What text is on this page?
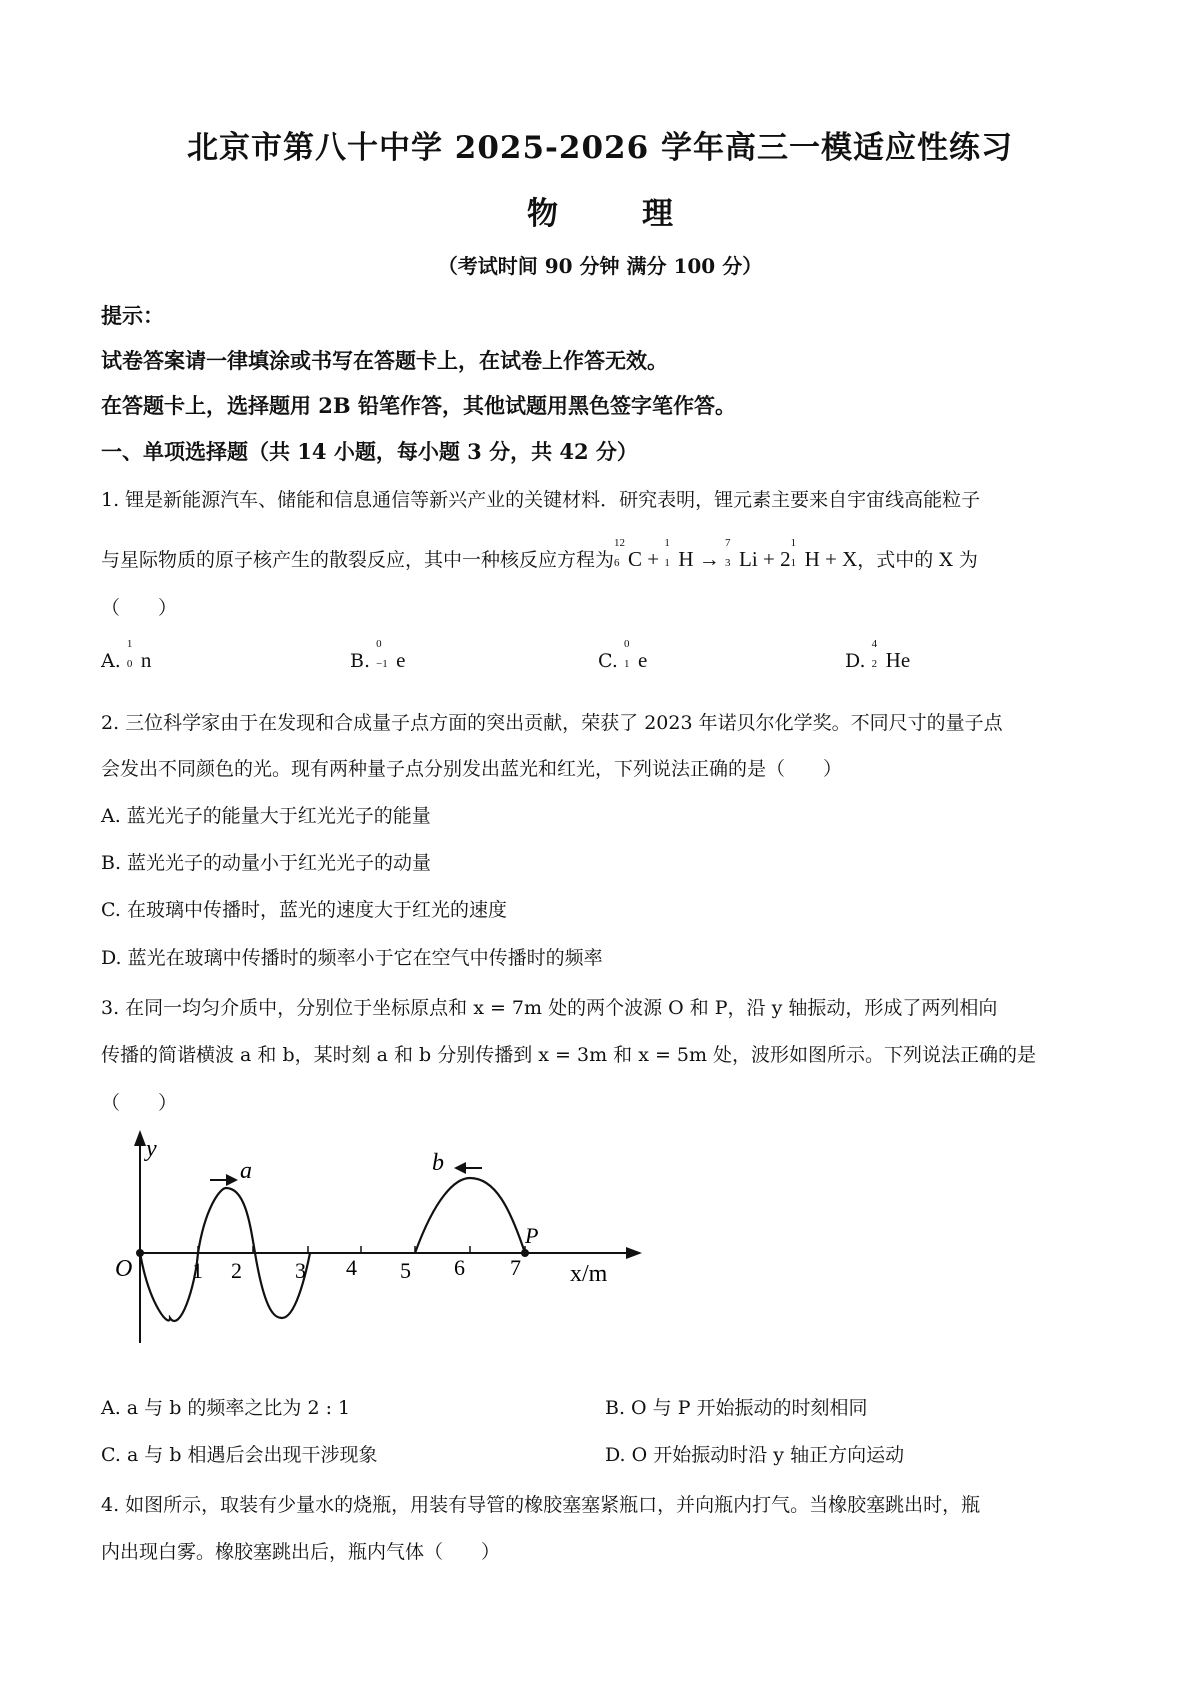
北京市第八十中学 2025-2026 学年高三一模适应性练习
物	理
（考试时间 90 分钟 满分 100 分）
提示：
试卷答案请一律填涂或书写在答题卡上，在试卷上作答无效。
在答题卡上，选择题用 2B 铅笔作答，其他试题用黑色签字笔作答。
一、单项选择题（共 14 小题，每小题 3 分，共 42 分）
1. 锂是新能源汽车、储能和信息通信等新兴产业的关键材料．研究表明，锂元素主要来自宇宙线高能粒子
与星际物质的原子核产生的散裂反应，其中一种核反应方程为
12
6 C +
1
1 H →
7
3 Li + 2
1
1 H + X，式中的 X 为
（　　）
A.
1
0 n	B.
0
−1 e	C.
0
1 e	D.
4
2 He
2. 三位科学家由于在发现和合成量子点方面的突出贡献，荣获了 2023 年诺贝尔化学奖。不同尺寸的量子点
会发出不同颜色的光。现有两种量子点分别发出蓝光和红光，下列说法正确的是（　　）
A. 蓝光光子的能量大于红光光子的能量
B. 蓝光光子的动量小于红光光子的动量
C. 在玻璃中传播时，蓝光的速度大于红光的速度
D. 蓝光在玻璃中传播时的频率小于它在空气中传播时的频率
3. 在同一均匀介质中，分别位于坐标原点和 x = 7m 处的两个波源 O 和 P，沿 y 轴振动，形成了两列相向
传播的简谐横波 a 和 b，某时刻 a 和 b 分别传播到 x = 3m 和 x = 5m 处，波形如图所示。下列说法正确的是
（　　）
y
a	b
O
P
x/m
1 2 3 4 5 6 7
A. a 与 b 的频率之比为 2 : 1	B. O 与 P 开始振动的时刻相同
C. a 与 b 相遇后会出现干涉现象	D. O 开始振动时沿 y 轴正方向运动
4. 如图所示，取装有少量水的烧瓶，用装有导管的橡胶塞塞紧瓶口，并向瓶内打气。当橡胶塞跳出时，瓶
内出现白雾。橡胶塞跳出后，瓶内气体（　　）
